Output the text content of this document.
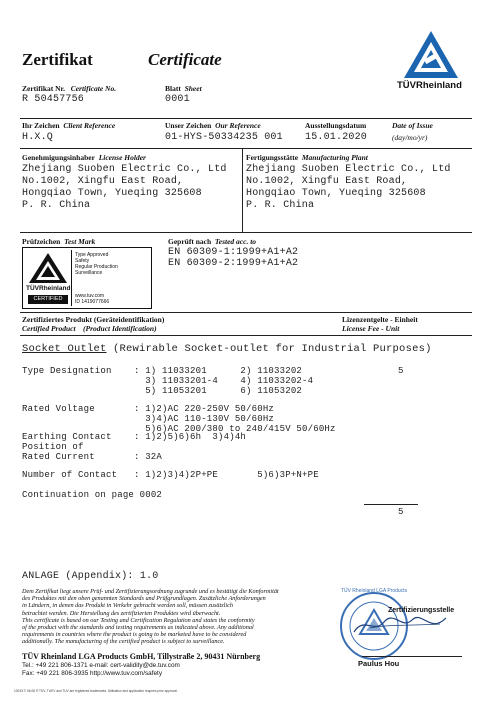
Zertifikat	Certificate
TÜVRheinland
Zertifikat Nr. Certificate No.
R 50457756
Blatt Sheet
0001
Ihr Zeichen Client Reference
H.X.Q
Unser Zeichen Our Reference
01-HYS-50334235 001
Ausstellungsdatum	Date of Issue
15.01.2020	(day/mo/yr)
Genehmigungsinhaber License Holder
Zhejiang Suoben Electric Co., Ltd
No.1002, Xingfu East Road,
Hongqiao Town, Yueqing 325608
P. R. China
Fertigungsstätte Manufacturing Plant
Zhejiang Suoben Electric Co., Ltd
No.1002, Xingfu East Road,
Hongqiao Town, Yueqing 325608
P. R. China
Prüfzeichen Test Mark
TÜVRheinland
CERTIFIED
Type Approved
Safety
Regular Production
Surveillance
www.tuv.com
ID 1419077666
Geprüft nach Tested acc. to
EN 60309-1:1999+A1+A2
EN 60309-2:1999+A1+A2
Zertifiziertes Produkt (Geräteidentifikation)
Certified Product (Product Identification)
Lizenzentgelte - Einheit
License Fee - Unit
Socket Outlet (Rewirable Socket-outlet for Industrial Purposes)
Type Designation : 1) 11033201      2) 11033202
3) 11033201-4    4) 11033202-4
5) 11053201      6) 11053202
5
Rated Voltage	: 1)2)AC 220-250V 50/60Hz
3)4)AC 110-130V 50/60Hz
5)6)AC 200/380 to 240/415V 50/60Hz
Earthing Contact : 1)2)5)6)6h  3)4)4h
Position of
Rated Current	: 32A
Number of Contact : 1)2)3)4)2P+PE       5)6)3P+N+PE
Continuation on page 0002
5
ANLAGE (Appendix): 1.0
Dem Zertifikat liegt unsere Prüf- und Zertifizierungsordnung zugrunde und es bestätigt die Konformität
des Produktes mit den oben genannten Standards und Prüfgrundlagen. Zusätzliche Anforderungen
in Ländern, in denen das Produkt in Verkehr gebracht werden soll, müssen zusätzlich
betrachtet werden. Die Herstellung des zertifizierten Produktes wird überwacht.
This certificate is based on our Testing and Certification Regulation and states the conformity
of the product with the standards and testing requirements as indicated above. Any additional
requirements in countries where the product is going to be marketed have to be considered
additionally. The manufacturing of the certified product is subject to surveillance.
TÜV Rheinland LGA Products GmbH, Tillystraße 2, 90431 Nürnberg
Tel.: +49 221 806-1371 e-mail: cert-validity@de.tuv.com
Fax: +49 221 806-3935 http://www.tuv.com/safety
TÜV Rheinland LGA Products
Zertifizierungsstelle
Paulus Hou
10033 © 06.08 ® TÜV, TUEV and TUV are registered trademarks. Utilisation and application requires prior approval.
